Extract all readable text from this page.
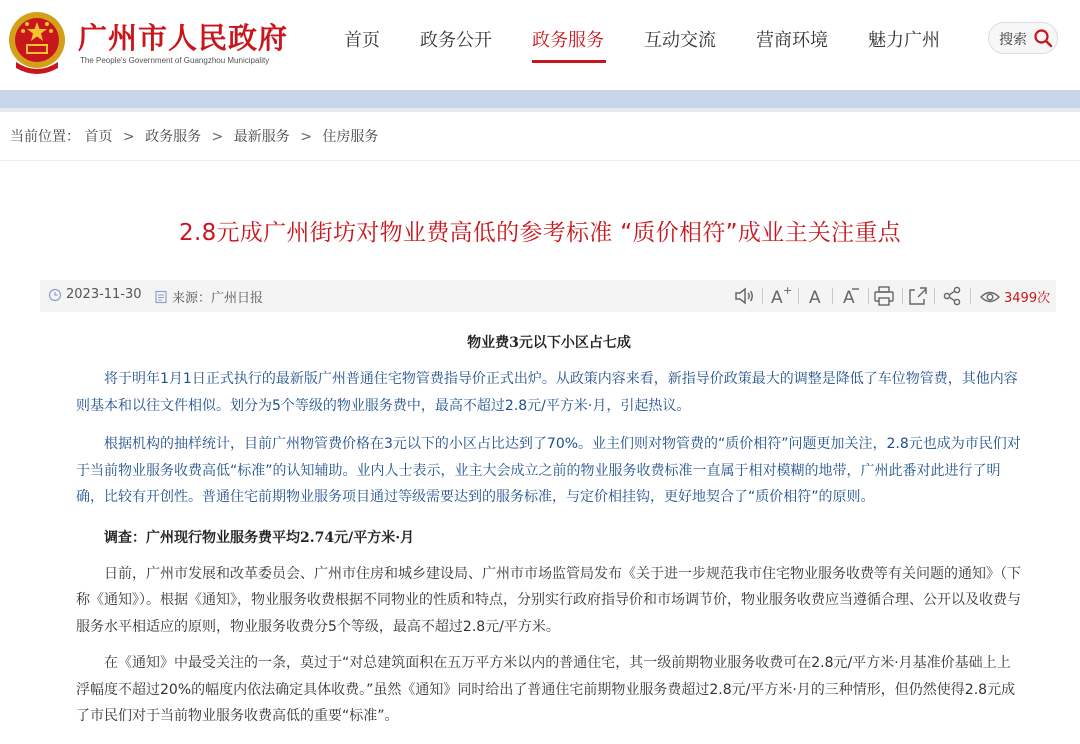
广州市人民政府
The People's Government of Guangzhou Municipality
首页 政务公开 政务服务 互动交流 营商环境 魅力广州	搜索
当前位置： 首页 > 政务服务 > 最新服务 > 住房服务
2.8元成广州街坊对物业费高低的参考标准 “质价相符”成业主关注重点
2023-11-30 来源：广州日报	A + A A	3499次
物业费3元以下小区占七成

将于明年1月1日正式执行的最新版广州普通住宅物管费指导价正式出炉。从政策内容来看，新指导价政策最大的调整是降低了车位物管费，其他内容则基本和以往文件相似。划分为5个等级的物业服务费中，最高不超过2.8元/平方米·月，引起热议。

根据机构的抽样统计，目前广州物管费价格在3元以下的小区占比达到了70%。业主们则对物管费的“质价相符”问题更加关注，2.8元也成为市民们对于当前物业服务收费高低“标准”的认知辅助。业内人士表示，业主大会成立之前的物业服务收费标准一直属于相对模糊的地带，广州此番对此进行了明确，比较有开创性。普通住宅前期物业服务项目通过等级需要达到的服务标准，与定价相挂钩，更好地契合了“质价相符”的原则。

调查：广州现行物业服务费平均2.74元/平方米·月

日前，广州市发展和改革委员会、广州市住房和城乡建设局、广州市市场监管局发布《关于进一步规范我市住宅物业服务收费等有关问题的通知》（下称《通知》）。根据《通知》，物业服务收费根据不同物业的性质和特点，分别实行政府指导价和市场调节价，物业服务收费应当遵循合理、公开以及收费与服务水平相适应的原则，物业服务收费分5个等级，最高不超过2.8元/平方米。

在《通知》中最受关注的一条，莫过于“对总建筑面积在五万平方米以内的普通住宅，其一级前期物业服务收费可在2.8元/平方米·月基准价基础上上浮幅度不超过20%的幅度内依法确定具体收费。”虽然《通知》同时给出了普通住宅前期物业服务费超过2.8元/平方米·月的三种情形，但仍然使得2.8元成了市民们对于当前物业服务收费高低的重要“标准”。
